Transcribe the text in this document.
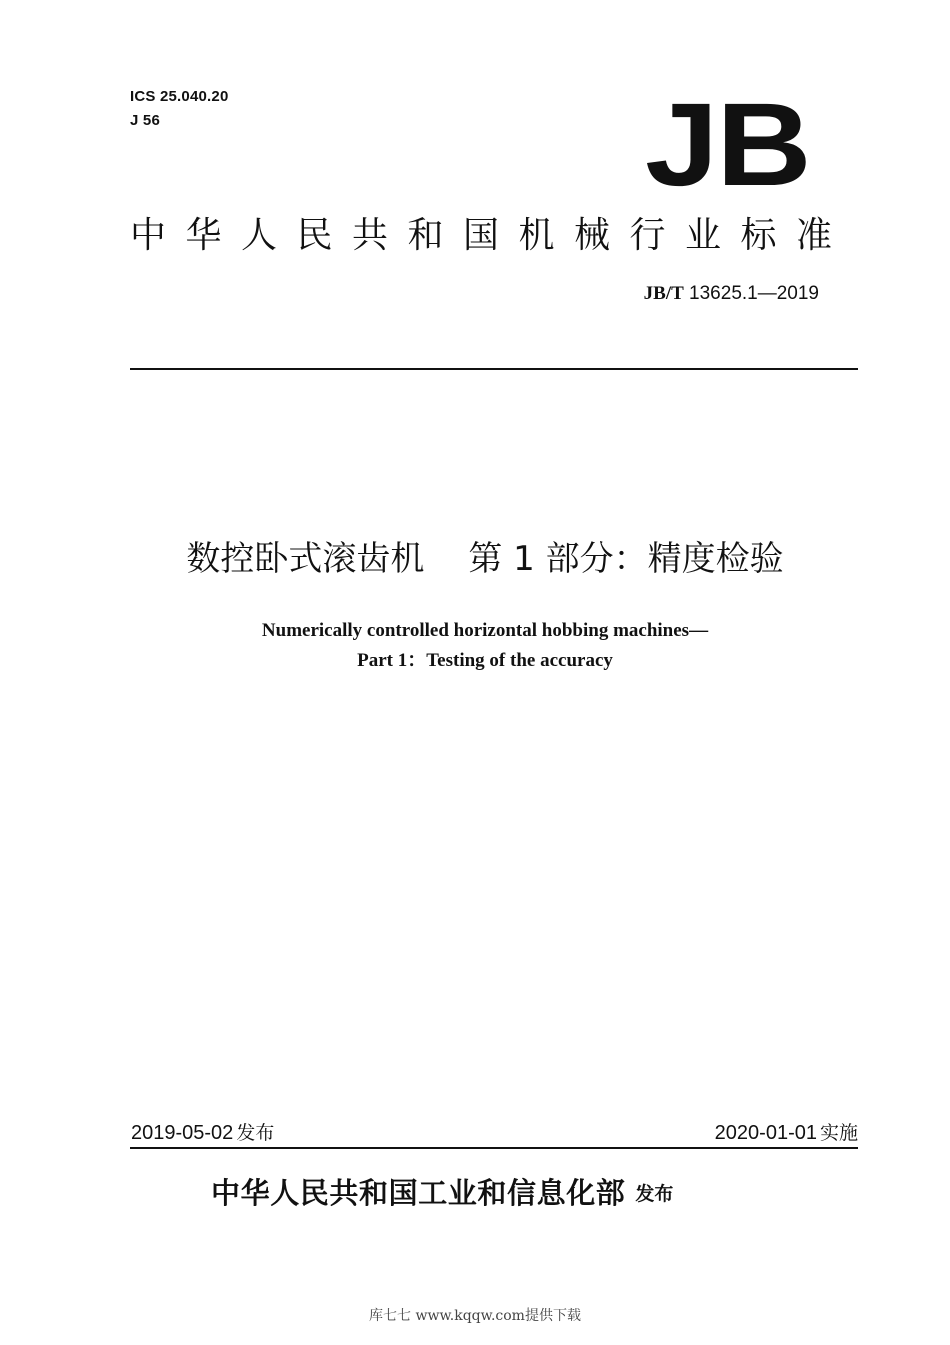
ICS 25.040.20
J 56	JB
中华人民共和国机械行业标准
JB/T 13625.1—2019
数控卧式滚齿机 第 1 部分：精度检验
Numerically controlled horizontal hobbing machines—
Part 1：Testing of the accuracy
2019-05-02 发布	2020-01-01 实施
中华人民共和国工业和信息化部 发布
库七七 www.kqqw.com提供下载
